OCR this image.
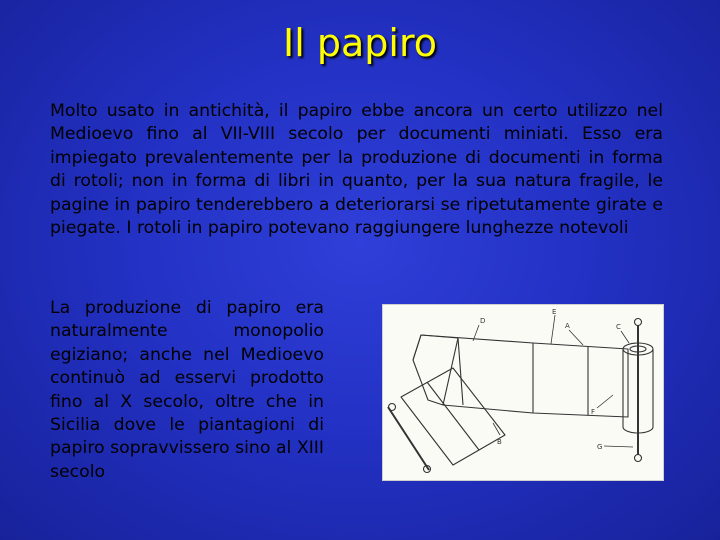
Il papiro
Molto usato in antichità, il papiro ebbe ancora un certo utilizzo nel Medioevo fino al VII-VIII secolo per documenti miniati. Esso era impiegato prevalentemente per la produzione di documenti in forma di rotoli; non in forma di libri in quanto, per la sua natura fragile, le pagine in papiro tenderebbero a deteriorarsi se ripetutamente girate e piegate. I rotoli in papiro potevano raggiungere lunghezze notevoli
La produzione di papiro era naturalmente monopolio egiziano; anche nel Medioevo continuò ad esservi prodotto fino al X secolo, oltre che in Sicilia dove le piantagioni di papiro sopravvissero sino al XIII secolo
D
E
A	C
F
B
G
